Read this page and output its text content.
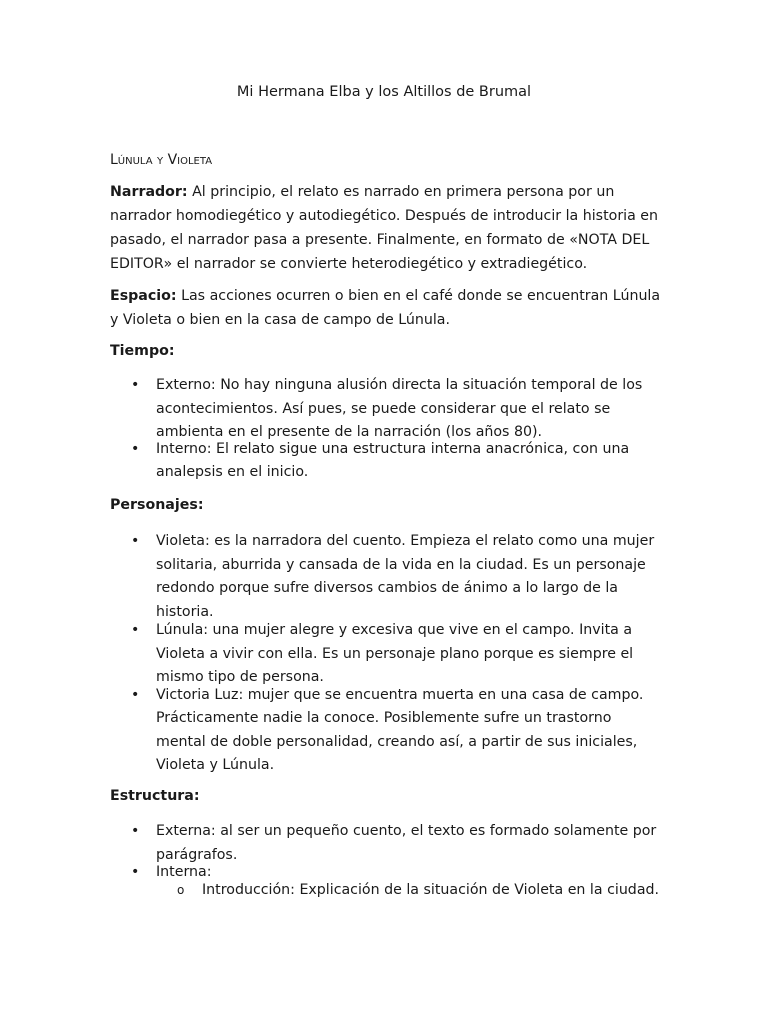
Mi Hermana Elba y los Altillos de Brumal
Lúnula y Violeta
Narrador: Al principio, el relato es narrado en primera persona por un narrador homodiegético y autodiegético. Después de introducir la historia en pasado, el narrador pasa a presente. Finalmente, en formato de «NOTA DEL EDITOR» el narrador se convierte heterodiegético y extradiegético.
Espacio: Las acciones ocurren o bien en el café donde se encuentran Lúnula y Violeta o bien en la casa de campo de Lúnula.
Tiempo:
• Externo: No hay ninguna alusión directa la situación temporal de los acontecimientos. Así pues, se puede considerar que el relato se ambienta en el presente de la narración (los años 80).
• Interno: El relato sigue una estructura interna anacrónica, con una analepsis en el inicio.
Personajes:
• Violeta: es la narradora del cuento. Empieza el relato como una mujer solitaria, aburrida y cansada de la vida en la ciudad. Es un personaje redondo porque sufre diversos cambios de ánimo a lo largo de la historia.
• Lúnula: una mujer alegre y excesiva que vive en el campo. Invita a Violeta a vivir con ella. Es un personaje plano porque es siempre el mismo tipo de persona.
• Victoria Luz: mujer que se encuentra muerta en una casa de campo. Prácticamente nadie la conoce. Posiblemente sufre un trastorno mental de doble personalidad, creando así, a partir de sus iniciales, Violeta y Lúnula.
Estructura:
• Externa: al ser un pequeño cuento, el texto es formado solamente por parágrafos.
• Interna:
o Introducción: Explicación de la situación de Violeta en la ciudad.
